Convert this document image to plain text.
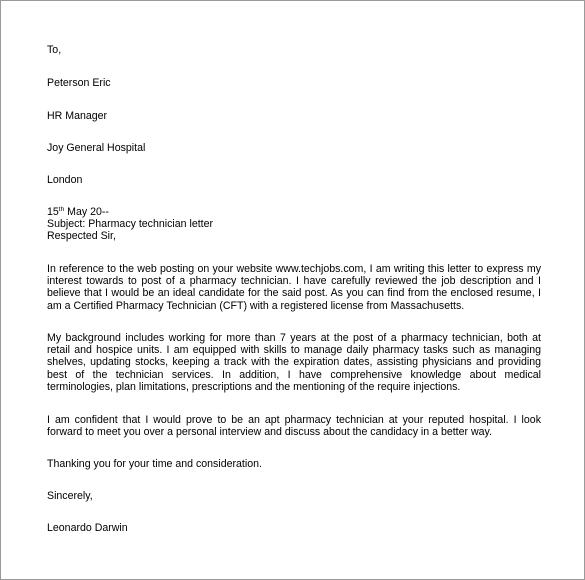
To,
Peterson Eric
HR Manager
Joy General Hospital
London
15th May 20--
Subject: Pharmacy technician letter
Respected Sir,
In reference to the web posting on your website www.techjobs.com, I am writing this letter to express my interest towards to post of a pharmacy technician. I have carefully reviewed the job description and I believe that I would be an ideal candidate for the said post. As you can find from the enclosed resume, I am a Certified Pharmacy Technician (CFT) with a registered license from Massachusetts.
My background includes working for more than 7 years at the post of a pharmacy technician, both at retail and hospice units. I am equipped with skills to manage daily pharmacy tasks such as managing shelves, updating stocks, keeping a track with the expiration dates, assisting physicians and providing best of the technician services. In addition, I have comprehensive knowledge about medical terminologies, plan limitations, prescriptions and the mentioning of the require injections.
I am confident that I would prove to be an apt pharmacy technician at your reputed hospital. I look forward to meet you over a personal interview and discuss about the candidacy in a better way.
Thanking you for your time and consideration.
Sincerely,
Leonardo Darwin
